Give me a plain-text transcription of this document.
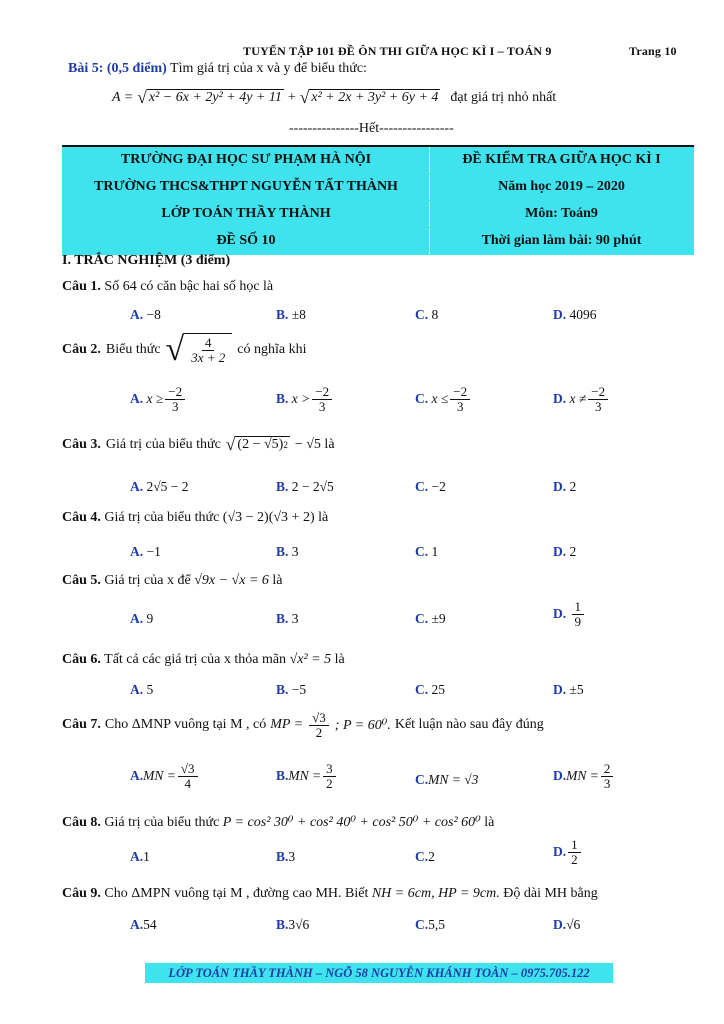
TUYỂN TẬP 101 ĐỀ ÔN THI GIỮA HỌC KÌ I – TOÁN 9	Trang 10
Bài 5: (0,5 điểm) Tìm giá trị của x và y để biểu thức:
A = √ x² − 6x + 2y² + 4y + 11 + √ x² + 2x + 3y² + 6y + 4 đạt giá trị nhỏ nhất
---------------Hết----------------
TRƯỜNG ĐẠI HỌC SƯ PHẠM HÀ NỘI	ĐỀ KIỂM TRA GIỮA HỌC KÌ I
TRƯỜNG THCS&THPT NGUYỄN TẤT THÀNH	Năm học 2019 – 2020
LỚP TOÁN THẦY THÀNH	Môn: Toán9
ĐỀ SỐ 10	Thời gian làm bài: 90 phút
I. TRẮC NGHIỆM (3 điểm)
Câu 1. Số 64 có căn bậc hai số học là
A. −8	B. ±8	C. 8	D. 4096
Câu 2. Biểu thức √ $\frac{4}{3x + 2}$ có nghĩa khi
A.
$x \ge \frac{-2}{3}$	B.
$x > \frac{-2}{3}$	C.
$x \le \frac{-2}{3}$	D.
$x \ne \frac{-2}{3}$
Câu 3. Giá trị của biểu thức √ ( 2 − √5 ) 2 − √5 là
A. 2√5 − 2	B. 2 − 2√5	C. −2	D. 2
Câu 4. Giá trị của biểu thức (√3 − 2)(√3 + 2) là
A. −1	B. 3	C. 1	D. 2
Câu 5. Giá trị của x để √9x − √x = 6 là
A. 9	B. 3	C. ±9	D.
$\frac{1}{9}$
Câu 6. Tất cả các giá trị của x thỏa mãn √x² = 5 là
A. 5	B. −5	C. 25	D. ±5
Câu 7. Cho ΔMNP vuông tại M , có MP = $\frac{√3}{2}$ ; P = 60⁰. Kết luận nào sau đây đúng
A. MN = $\frac{√3}{4}$	B. MN = $\frac{3}{2}$	C.MN = √3	D. MN = $\frac{2}{3}$
Câu 8. Giá trị của biểu thức P = cos² 30⁰ + cos² 40⁰ + cos² 50⁰ + cos² 60⁰ là
A.1	B.3	C.2	D. $\frac{1}{2}$
Câu 9. Cho ΔMPN vuông tại M , đường cao MH. Biết NH = 6cm, HP = 9cm. Độ dài MH bằng
A.54	B.3√6	C.5,5	D.√6
LỚP TOÁN THẦY THÀNH – NGÕ 58 NGUYỄN KHÁNH TOÀN – 0975.705.122
